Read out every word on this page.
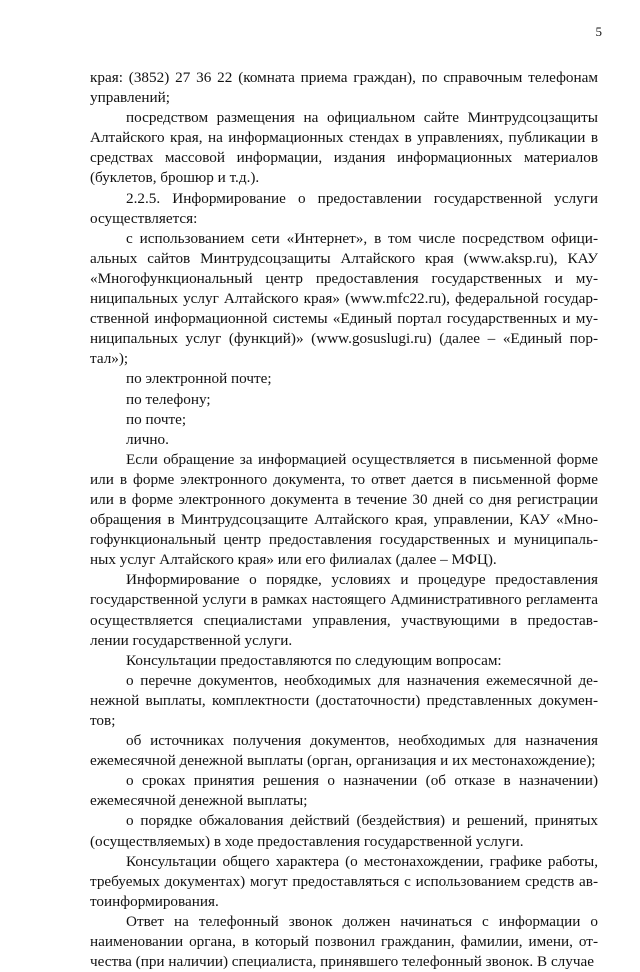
5

края: (3852) 27 36 22 (комната приема граждан), по справочным телефонам управлений;

посредством размещения на официальном сайте Минтрудсоцзащиты Алтайского края, на информационных стендах в управлениях, публикации в средствах массовой информации, издания информационных материалов (буклетов, брошюр и т.д.).

2.2.5. Информирование о предоставлении государственной услуги осуществляется:

с использованием сети «Интернет», в том числе посредством официальных сайтов Минтрудсоцзащиты Алтайского края (www.aksp.ru), КАУ «Многофункциональный центр предоставления государственных и муниципальных услуг Алтайского края» (www.mfc22.ru), федеральной государственной информационной системы «Единый портал государственных и муниципальных услуг (функций)» (www.gosuslugi.ru) (далее – «Единый портал»);

по электронной почте;

по телефону;

по почте;

лично.

Если обращение за информацией осуществляется в письменной форме или в форме электронного документа, то ответ дается в письменной форме или в форме электронного документа в течение 30 дней со дня регистрации обращения в Минтрудсоцзащите Алтайского края, управлении, КАУ «Многофункциональный центр предоставления государственных и муниципальных услуг Алтайского края» или его филиалах (далее – МФЦ).

Информирование о порядке, условиях и процедуре предоставления государственной услуги в рамках настоящего Административного регламента осуществляется специалистами управления, участвующими в предоставлении государственной услуги.

Консультации предоставляются по следующим вопросам:

о перечне документов, необходимых для назначения ежемесячной денежной выплаты, комплектности (достаточности) представленных документов;

об источниках получения документов, необходимых для назначения ежемесячной денежной выплаты (орган, организация и их местонахождение);

о сроках принятия решения о назначении (об отказе в назначении) ежемесячной денежной выплаты;

о порядке обжалования действий (бездействия) и решений, принятых (осуществляемых) в ходе предоставления государственной услуги.

Консультации общего характера (о местонахождении, графике работы, требуемых документах) могут предоставляться с использованием средств автоинформирования.

Ответ на телефонный звонок должен начинаться с информации о наименовании органа, в который позвонил гражданин, фамилии, имени, отчества (при наличии) специалиста, принявшего телефонный звонок. В случае
